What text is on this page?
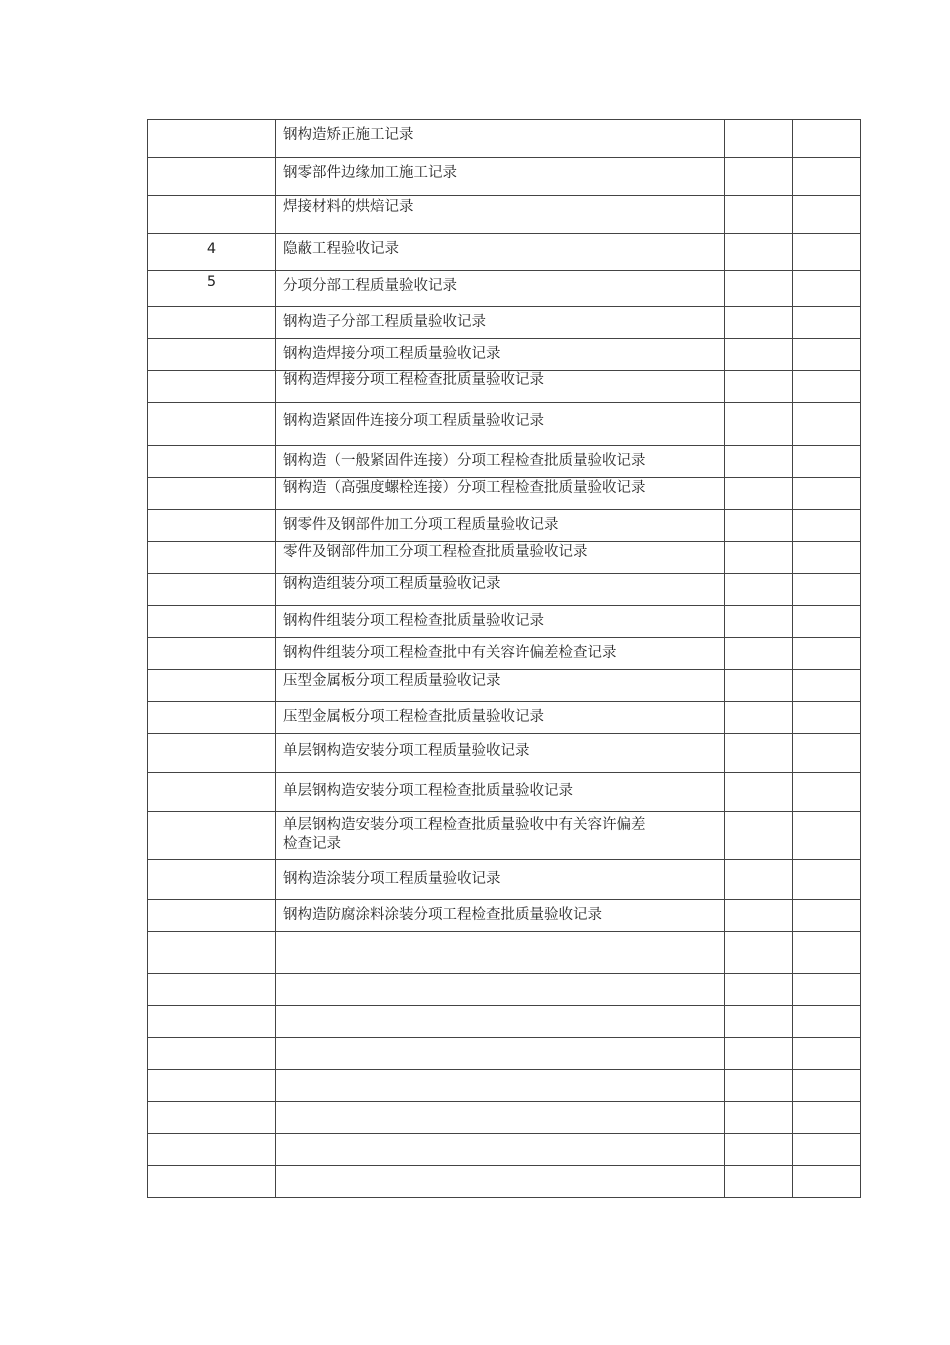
	钢构造矫正施工记录		

	钢零部件边缘加工施工记录		

	焊接材料的烘焙记录		

4	隐蔽工程验收记录		

5	分项分部工程质量验收记录		

	钢构造子分部工程质量验收记录		

	钢构造焊接分项工程质量验收记录		

	钢构造焊接分项工程检查批质量验收记录		

	钢构造紧固件连接分项工程质量验收记录		

	钢构造（一般紧固件连接）分项工程检查批质量验收记录		

	钢构造（高强度螺栓连接）分项工程检查批质量验收记录		

	钢零件及钢部件加工分项工程质量验收记录		

	零件及钢部件加工分项工程检查批质量验收记录		

	钢构造组装分项工程质量验收记录		

	钢构件组装分项工程检查批质量验收记录		

	钢构件组装分项工程检查批中有关容许偏差检查记录		

	压型金属板分项工程质量验收记录		

	压型金属板分项工程检查批质量验收记录		

	单层钢构造安装分项工程质量验收记录		

	单层钢构造安装分项工程检查批质量验收记录		

	单层钢构造安装分项工程检查批质量验收中有关容许偏差
检查记录		

	钢构造涂装分项工程质量验收记录		

	钢构造防腐涂料涂装分项工程检查批质量验收记录		
